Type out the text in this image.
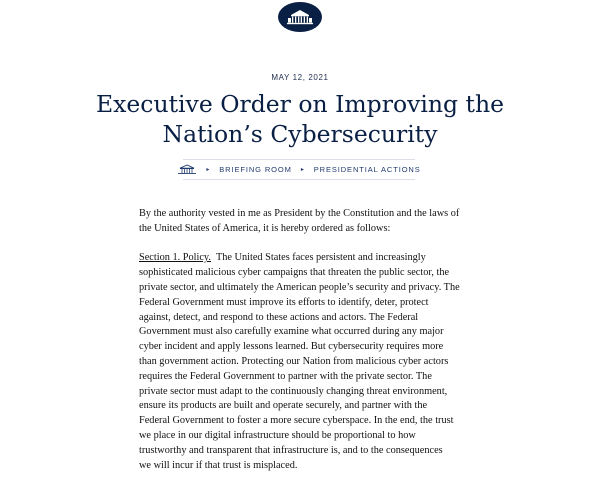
MAY 12, 2021
Executive Order on Improving the
Nation’s Cybersecurity
▸ BRIEFING ROOM ▸ PRESIDENTIAL ACTIONS

By the authority vested in me as President by the Constitution and the laws of
the United States of America, it is hereby ordered as follows:

Section 1. Policy.  The United States faces persistent and increasingly
sophisticated malicious cyber campaigns that threaten the public sector, the
private sector, and ultimately the American people’s security and privacy. The
Federal Government must improve its efforts to identify, deter, protect
against, detect, and respond to these actions and actors. The Federal
Government must also carefully examine what occurred during any major
cyber incident and apply lessons learned. But cybersecurity requires more
than government action. Protecting our Nation from malicious cyber actors
requires the Federal Government to partner with the private sector. The
private sector must adapt to the continuously changing threat environment,
ensure its products are built and operate securely, and partner with the
Federal Government to foster a more secure cyberspace. In the end, the trust
we place in our digital infrastructure should be proportional to how
trustworthy and transparent that infrastructure is, and to the consequences
we will incur if that trust is misplaced.
